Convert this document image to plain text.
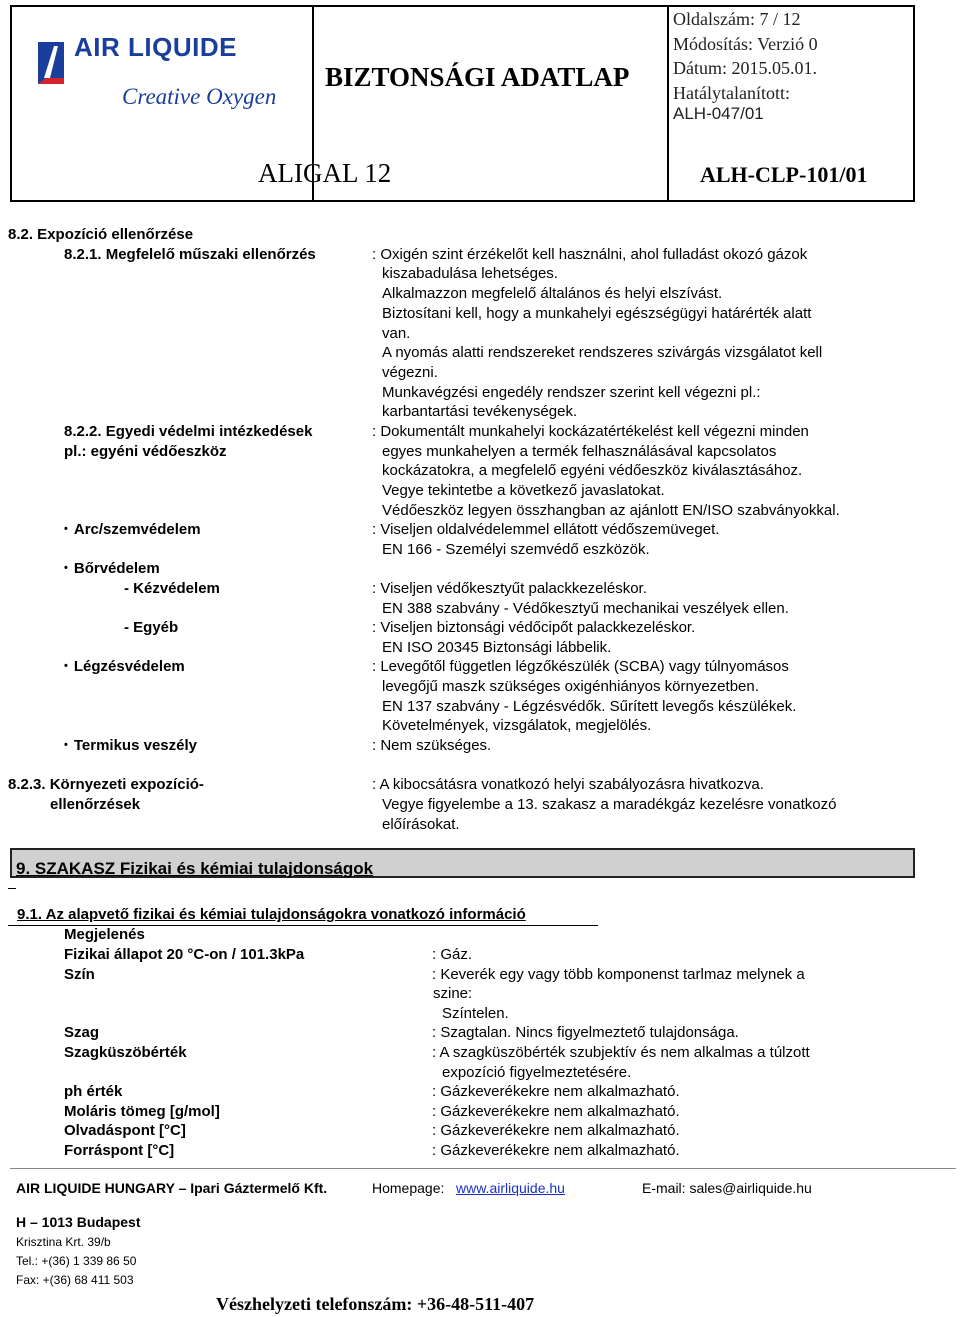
AIR LIQUIDE
Creative Oxygen
BIZTONSÁGI ADATLAP
Oldalszám: 7 / 12
Módosítás: Verzió 0
Dátum: 2015.05.01.
Hatálytalanított:
ALH-047/01
ALIGAL 12	ALH-CLP-101/01
8.2. Expozíció ellenőrzése
8.2.1. Megfelelő műszaki ellenőrzés	: Oxigén szint érzékelőt kell használni, ahol fulladást okozó gázok
kiszabadulása lehetséges.
Alkalmazzon megfelelő általános és helyi elszívást.
Biztosítani kell, hogy a munkahelyi egészségügyi határérték alatt
van.
A nyomás alatti rendszereket rendszeres szivárgás vizsgálatot kell
végezni.
Munkavégzési engedély rendszer szerint kell végezni pl.:
karbantartási tevékenységek.
8.2.2. Egyedi védelmi intézkedések
pl.: egyéni védőeszköz
: Dokumentált munkahelyi kockázatértékelést kell végezni minden
egyes munkahelyen a termék felhasználásával kapcsolatos
kockázatokra, a megfelelő egyéni védőeszköz kiválasztásához.
Vegye tekintetbe a következő javaslatokat.
Védőeszköz legyen összhangban az ajánlott EN/ISO szabványokkal.
• Arc/szemvédelem	: Viseljen oldalvédelemmel ellátott védőszemüveget.
EN 166 - Személyi szemvédő eszközök.
• Bőrvédelem
- Kézvédelem	: Viseljen védőkesztyűt palackkezeléskor.
EN 388 szabvány - Védőkesztyű mechanikai veszélyek ellen.
- Egyéb	: Viseljen biztonsági védőcipőt palackkezeléskor.
EN ISO 20345 Biztonsági lábbelik.
• Légzésvédelem	: Levegőtől független légzőkészülék (SCBA) vagy túlnyomásos
levegőjű maszk szükséges oxigénhiányos környezetben.
EN 137 szabvány - Légzésvédők. Sűrített levegős készülékek.
Követelmények, vizsgálatok, megjelölés.
• Termikus veszély	: Nem szükséges.
8.2.3. Környezeti expozíció-
ellenőrzések
: A kibocsátásra vonatkozó helyi szabályozásra hivatkozva.
Vegye figyelembe a 13. szakasz a maradékgáz kezelésre vonatkozó
előírásokat.
9. SZAKASZ Fizikai és kémiai tulajdonságok
9.1. Az alapvető fizikai és kémiai tulajdonságokra vonatkozó információ
Megjelenés
Fizikai állapot 20 °C-on / 101.3kPa	: Gáz.
Szín	: Keverék egy vagy több komponenst tarlmaz melynek a
szine:
Színtelen.
Szag	: Szagtalan. Nincs figyelmeztető tulajdonsága.
Szagküszöbérték	: A szagküszöbérték szubjektív és nem alkalmas a túlzott
expozíció figyelmeztetésére.
ph érték	: Gázkeverékekre nem alkalmazható.
Moláris tömeg [g/mol]	: Gázkeverékekre nem alkalmazható.
Olvadáspont [°C]	: Gázkeverékekre nem alkalmazható.
Forráspont [°C]	: Gázkeverékekre nem alkalmazható.
AIR LIQUIDE HUNGARY – Ipari Gáztermelő Kft.	Homepage: www.airliquide.hu	E-mail: sales@airliquide.hu
H – 1013 Budapest
Krisztina Krt. 39/b
Tel.: +(36) 1 339 86 50
Fax: +(36) 68 411 503
Vészhelyzeti telefonszám: +36-48-511-407
